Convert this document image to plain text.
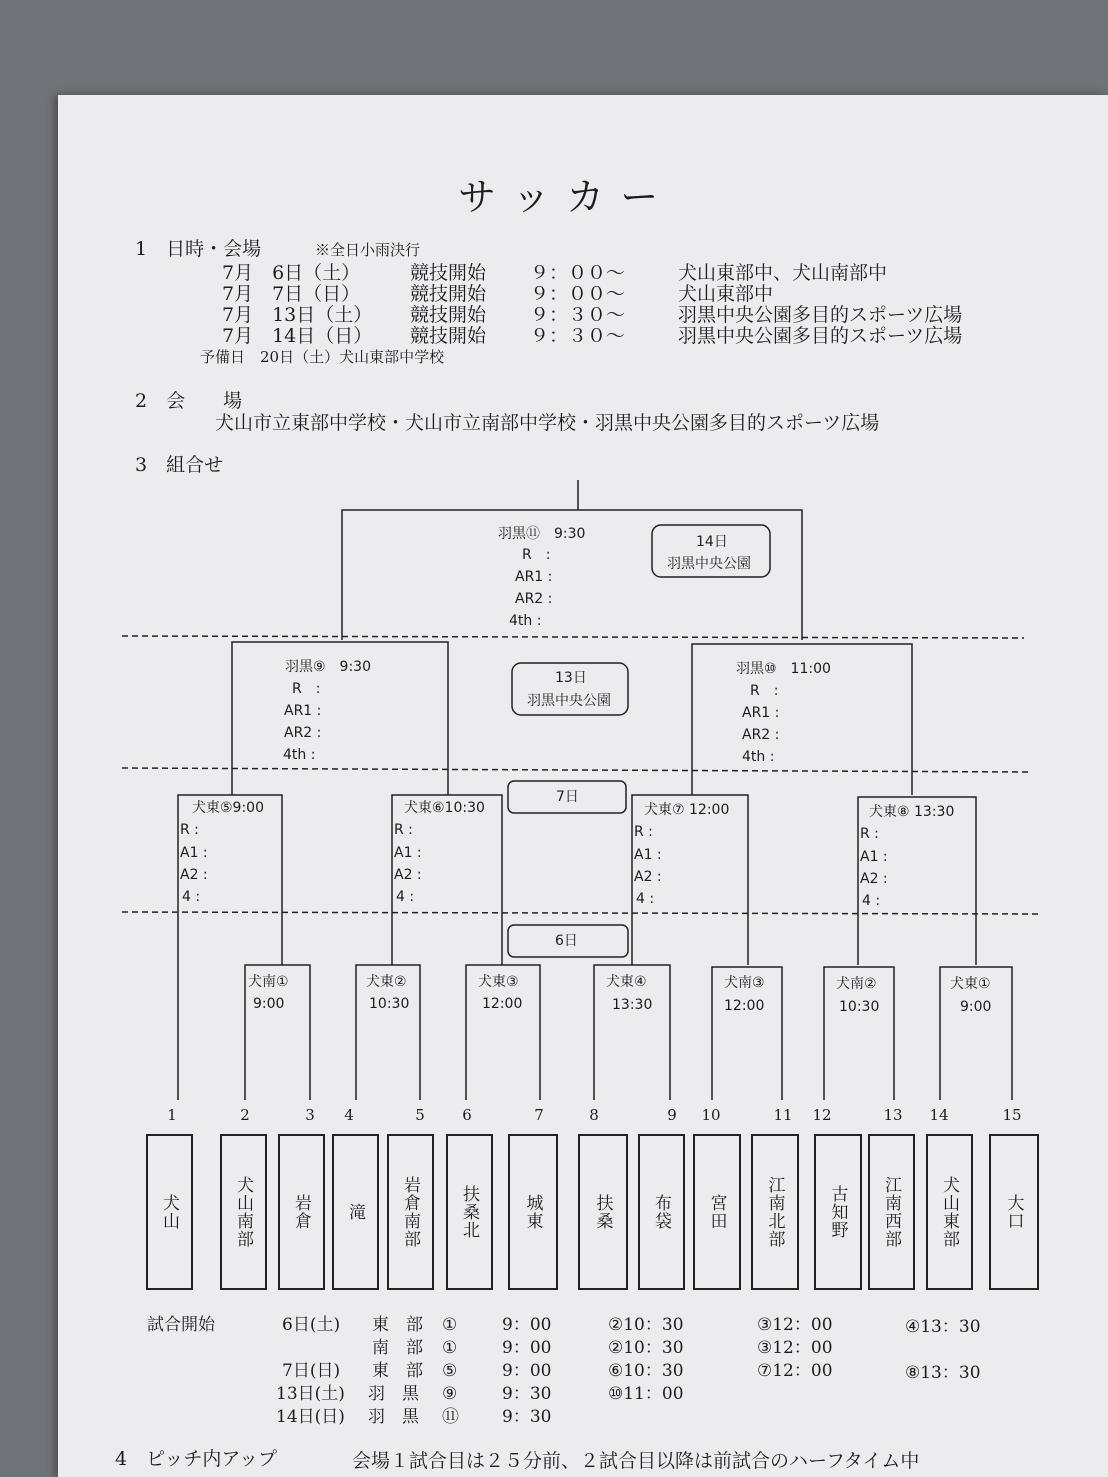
サ ッ カ ー
1　日時・会場	※全日小雨決行
7月　6日（土）	競技開始 ９：００～	犬山東部中、犬山南部中
7月　7日（日）	競技開始 ９：００～	犬山東部中
7月　13日（土） 競技開始 ９：３０～	羽黒中央公園多目的スポーツ広場
7月　14日（日） 競技開始 ９：３０～	羽黒中央公園多目的スポーツ広場
予備日　20日（土）犬山東部中学校
2　会　　場
犬山市立東部中学校・犬山市立南部中学校・羽黒中央公園多目的スポーツ広場
3　組合せ
羽黒⑪　9:30
R　:
AR1 :
AR2 :
4th :
14日
羽黒中央公園
羽黒⑨　9:30
R　:
AR1 :
AR2 :
4th :
13日
羽黒中央公園
羽黒⑩　11:00
R　:
AR1 :
AR2 :
4th :
7日
犬東⑤9:00
R :
A1 :
A2 :
4 :
犬東⑥10:30
R :
A1 :
A2 :
4 :
犬東⑦ 12:00
R :
A1 :
A2 :
4 :
犬東⑧ 13:30
R :
A1 :
A2 :
4 :
6日
犬南①
9:00
犬東②
10:30
犬東③
12:00
犬東④
13:30
犬南③
12:00
犬南②
10:30
犬東①
9:00
1	2	3	4	5	6	7	8	9	10	11 12	13 14	15
犬山	犬山南部 岩倉 滝 岩倉南部 扶桑北	城東	扶桑 布袋 宮田 江南北部	古知野 江南西部 犬山東部	大口
試合開始	6日(土) 東　部 ①	9：00	②10：30	③12：00	④13：30
南　部 ①	9：00	②10：30	③12：00
7日(日) 東　部 ⑤	9：00	⑥10：30	⑦12：00	⑧13：30
13日(土) 羽　黒 ⑨	9：30	⑩11：00
14日(日) 羽　黒 ⑪	9：30
4　ピッチ内アップ	会場１試合目は２５分前、２試合目以降は前試合のハーフタイム中
